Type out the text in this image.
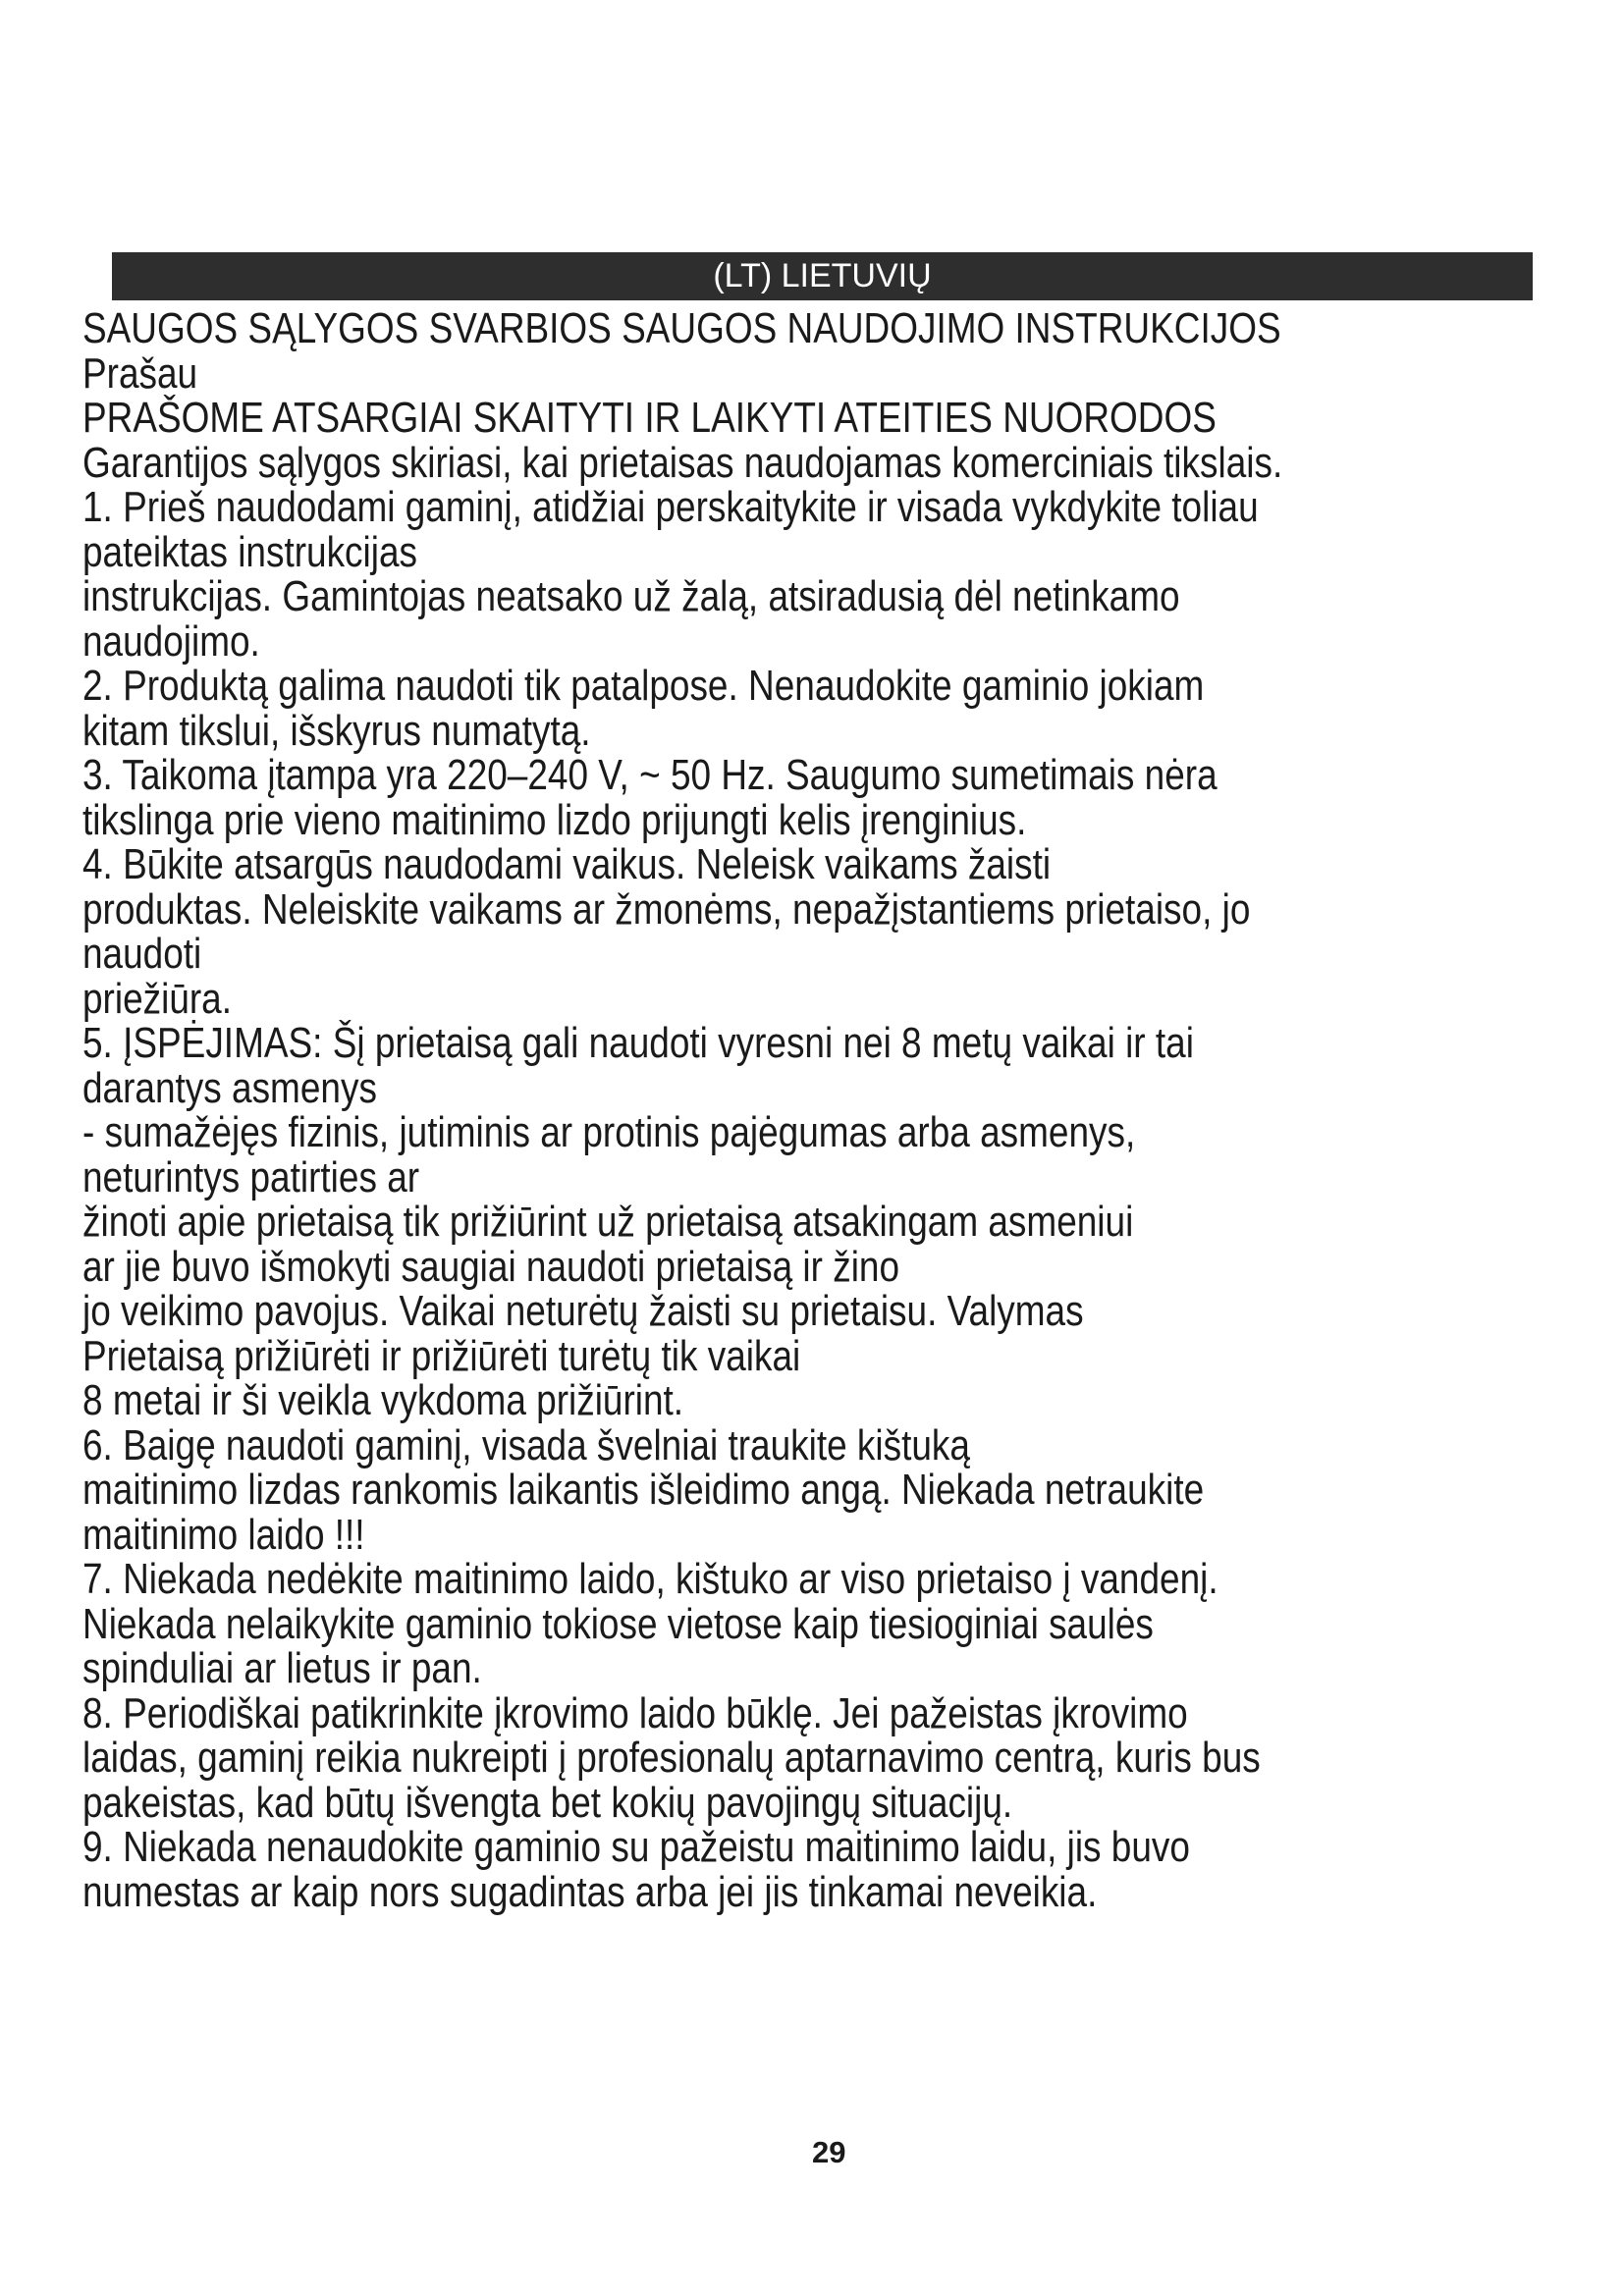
(LT) LIETUVIŲ
SAUGOS SĄLYGOS SVARBIOS SAUGOS NAUDOJIMO INSTRUKCIJOS
Prašau
PRAŠOME ATSARGIAI SKAITYTI IR LAIKYTI ATEITIES NUORODOS
Garantijos sąlygos skiriasi, kai prietaisas naudojamas komerciniais tikslais.
1. Prieš naudodami gaminį, atidžiai perskaitykite ir visada vykdykite toliau
pateiktas instrukcijas
instrukcijas. Gamintojas neatsako už žalą, atsiradusią dėl netinkamo
naudojimo.
2. Produktą galima naudoti tik patalpose. Nenaudokite gaminio jokiam
kitam tikslui, išskyrus numatytą.
3. Taikoma įtampa yra 220–240 V, ~ 50 Hz. Saugumo sumetimais nėra
tikslinga prie vieno maitinimo lizdo prijungti kelis įrenginius.
4. Būkite atsargūs naudodami vaikus. Neleisk vaikams žaisti
produktas. Neleiskite vaikams ar žmonėms, nepažįstantiems prietaiso, jo
naudoti
priežiūra.
5. ĮSPĖJIMAS: Šį prietaisą gali naudoti vyresni nei 8 metų vaikai ir tai
darantys asmenys
- sumažėjęs fizinis, jutiminis ar protinis pajėgumas arba asmenys,
neturintys patirties ar
žinoti apie prietaisą tik prižiūrint už prietaisą atsakingam asmeniui
ar jie buvo išmokyti saugiai naudoti prietaisą ir žino
jo veikimo pavojus. Vaikai neturėtų žaisti su prietaisu. Valymas
Prietaisą prižiūrėti ir prižiūrėti turėtų tik vaikai
8 metai ir ši veikla vykdoma prižiūrint.
6. Baigę naudoti gaminį, visada švelniai traukite kištuką
maitinimo lizdas rankomis laikantis išleidimo angą. Niekada netraukite
maitinimo laido !!!
7. Niekada nedėkite maitinimo laido, kištuko ar viso prietaiso į vandenį.
Niekada nelaikykite gaminio tokiose vietose kaip tiesioginiai saulės
spinduliai ar lietus ir pan.
8. Periodiškai patikrinkite įkrovimo laido būklę. Jei pažeistas įkrovimo
laidas, gaminį reikia nukreipti į profesionalų aptarnavimo centrą, kuris bus
pakeistas, kad būtų išvengta bet kokių pavojingų situacijų.
9. Niekada nenaudokite gaminio su pažeistu maitinimo laidu, jis buvo
numestas ar kaip nors sugadintas arba jei jis tinkamai neveikia.
29
